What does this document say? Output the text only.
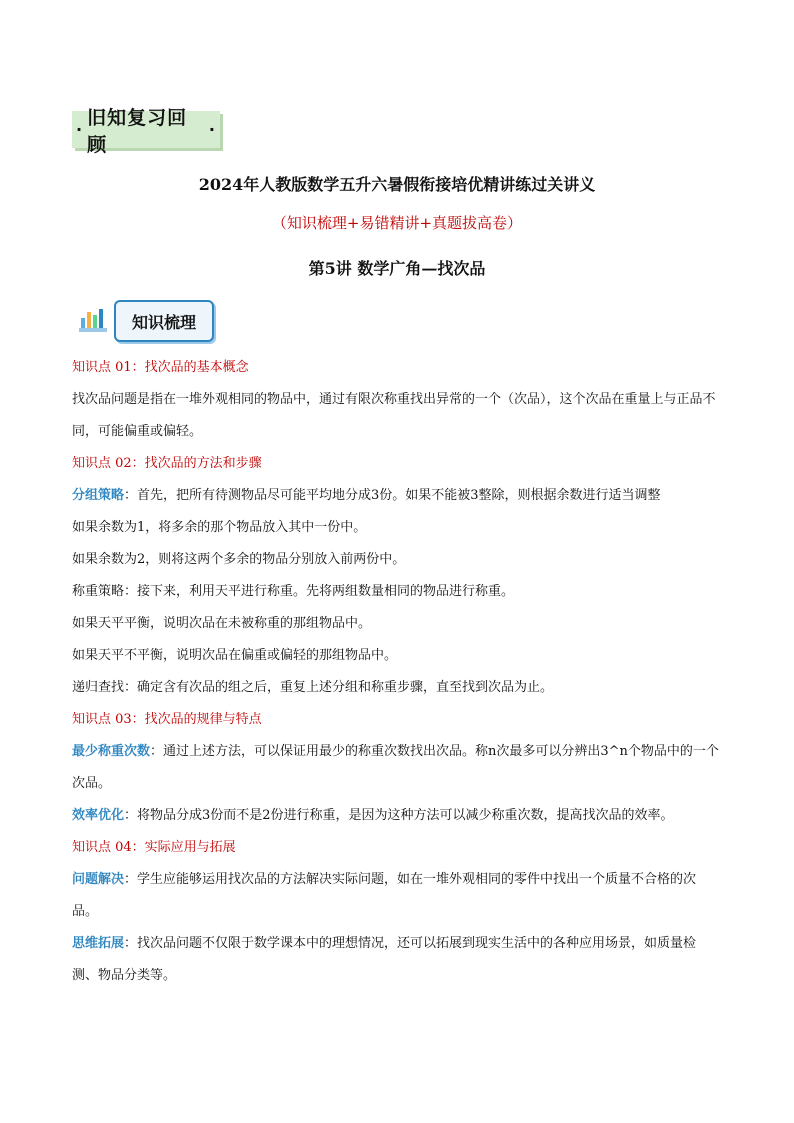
·
旧知复习回顾
·
2024年人教版数学五升六暑假衔接培优精讲练过关讲义
（知识梳理+易错精讲+真题拔高卷）
第5讲 数学广角—找次品
知识梳理

知识点 01：找次品的基本概念

找次品问题是指在一堆外观相同的物品中，通过有限次称重找出异常的一个（次品），这个次品在重量上与正品不同，可能偏重或偏轻。

知识点 02：找次品的方法和步骤

分组策略：首先，把所有待测物品尽可能平均地分成3份。如果不能被3整除，则根据余数进行适当调整

如果余数为1，将多余的那个物品放入其中一份中。

如果余数为2，则将这两个多余的物品分别放入前两份中。

称重策略：接下来，利用天平进行称重。先将两组数量相同的物品进行称重。

如果天平平衡，说明次品在未被称重的那组物品中。

如果天平不平衡，说明次品在偏重或偏轻的那组物品中。

递归查找：确定含有次品的组之后，重复上述分组和称重步骤，直至找到次品为止。

知识点 03：找次品的规律与特点

最少称重次数：通过上述方法，可以保证用最少的称重次数找出次品。称n次最多可以分辨出3^n个物品中的一个次品。

效率优化：将物品分成3份而不是2份进行称重，是因为这种方法可以减少称重次数，提高找次品的效率。

知识点 04：实际应用与拓展

问题解决：学生应能够运用找次品的方法解决实际问题，如在一堆外观相同的零件中找出一个质量不合格的次品。

思维拓展：找次品问题不仅限于数学课本中的理想情况，还可以拓展到现实生活中的各种应用场景，如质量检测、物品分类等。
